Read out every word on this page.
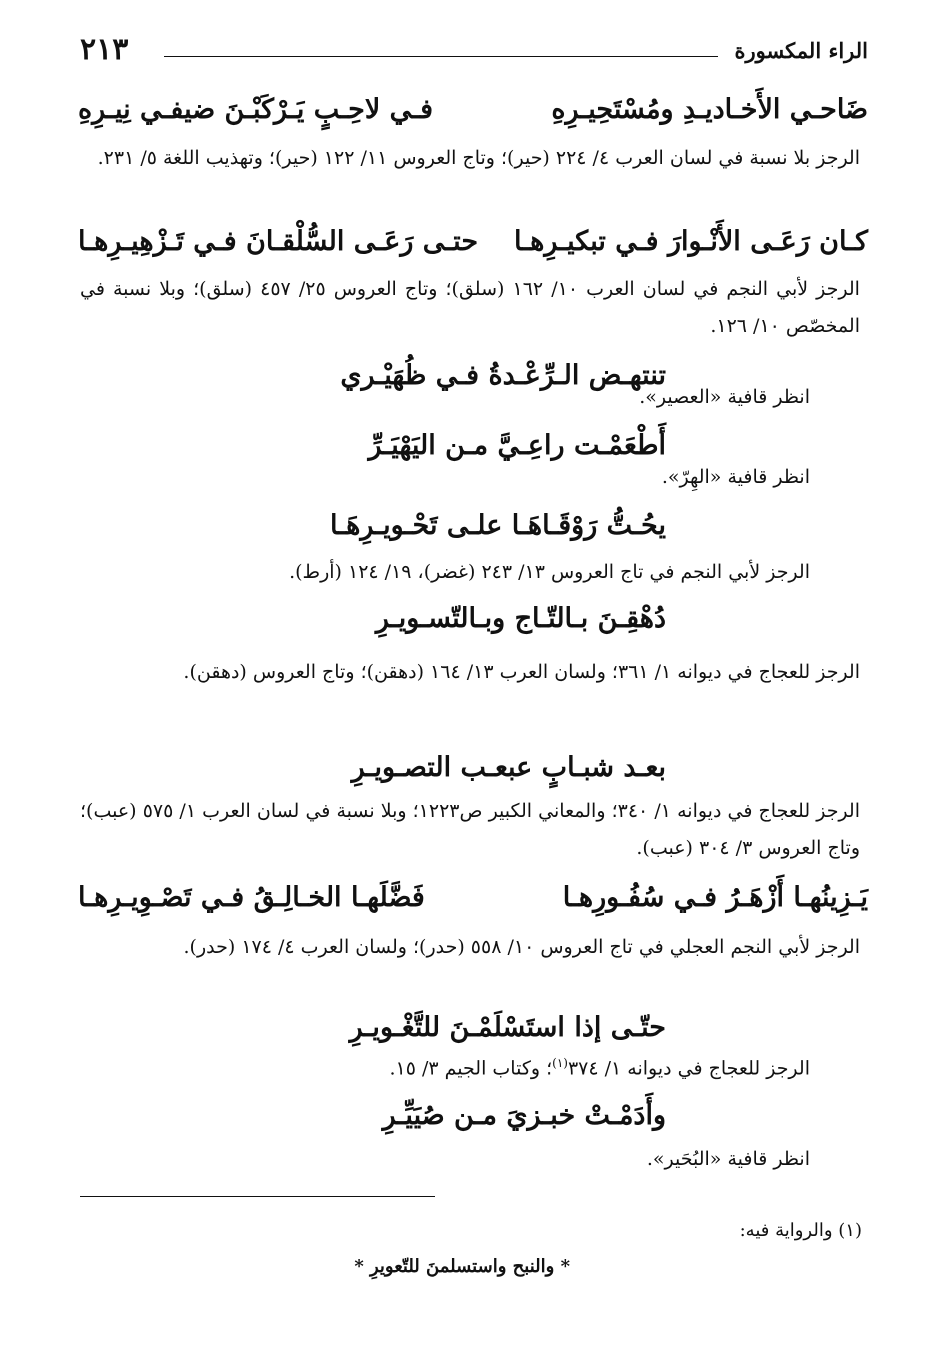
الراء المكسورة
٢١٣
ضَاحـي الأَخـاديـدِ ومُسْتَحِيـرِهِ
فـي لاحِـبٍ يَـرْكَبْـنَ ضيفـي نِيـرِهِ
الرجز بلا نسبة في لسان العرب ٤/ ٢٢٤ (حير)؛ وتاج العروس ١١/ ١٢٢ (حير)؛ وتهذيب اللغة ٥/ ٢٣١.
كـان رَعَـى الأَنْـوارَ فـي تبكيـرِهـا
حتـى رَعَـى السُّلْقـانَ فـي تَـزْهِيـرِهـا
الرجز لأبي النجم في لسان العرب ١٠/ ١٦٢ (سلق)؛ وتاج العروس ٢٥/ ٤٥٧ (سلق)؛ وبلا نسبة في المخصّص ١٠/ ١٢٦.
تنتهـض الـرِّعْـدةُ فـي ظُهَيْـري
انظر قافية «العصير».
أَطْعَمْـت راعِـيَّ مـن اليَهْيَـرِّ
انظر قافية «الهِرّ».
يحُـتُّ رَوْقَـاهَـا علـى تَحْـويـرِهَـا
الرجز لأبي النجم في تاج العروس ١٣/ ٢٤٣ (غضر)، ١٩/ ١٢٤ (أرط).
دُهْقِـنَ بـالتّـاج وبـالتّسـويـرِ
الرجز للعجاج في ديوانه ١/ ٣٦١؛ ولسان العرب ١٣/ ١٦٤ (دهقن)؛ وتاج العروس (دهقن).
بعـد شبـابٍ عبعـب التصـويـرِ
الرجز للعجاج في ديوانه ١/ ٣٤٠؛ والمعاني الكبير ص١٢٢٣؛ وبلا نسبة في لسان العرب ١/ ٥٧٥ (عبب)؛ وتاج العروس ٣/ ٣٠٤ (عبب).
يَـزِينُهـا أَزْهَـرُ فـي سُفُـورِهـا
فَضَّلَهـا الخـالِـقُ فـي تَصْـوِيـرِهـا
الرجز لأبي النجم العجلي في تاج العروس ١٠/ ٥٥٨ (حدر)؛ ولسان العرب ٤/ ١٧٤ (حدر).
حتّـى إذا استَسْلَمْـنَ للتَّغْـويـرِ
الرجز للعجاج في ديوانه ١/ ٣٧٤$^{(١)}$؛ وكتاب الجيم ٣/ ١٥.
وأَدَمْـتْ خبـزيَ مـن صُيَيِّـرِ
انظر قافية «البُحَير».
(١) والرواية فيه:
* والنبح واستسلمنَ للتّعويرِ *
